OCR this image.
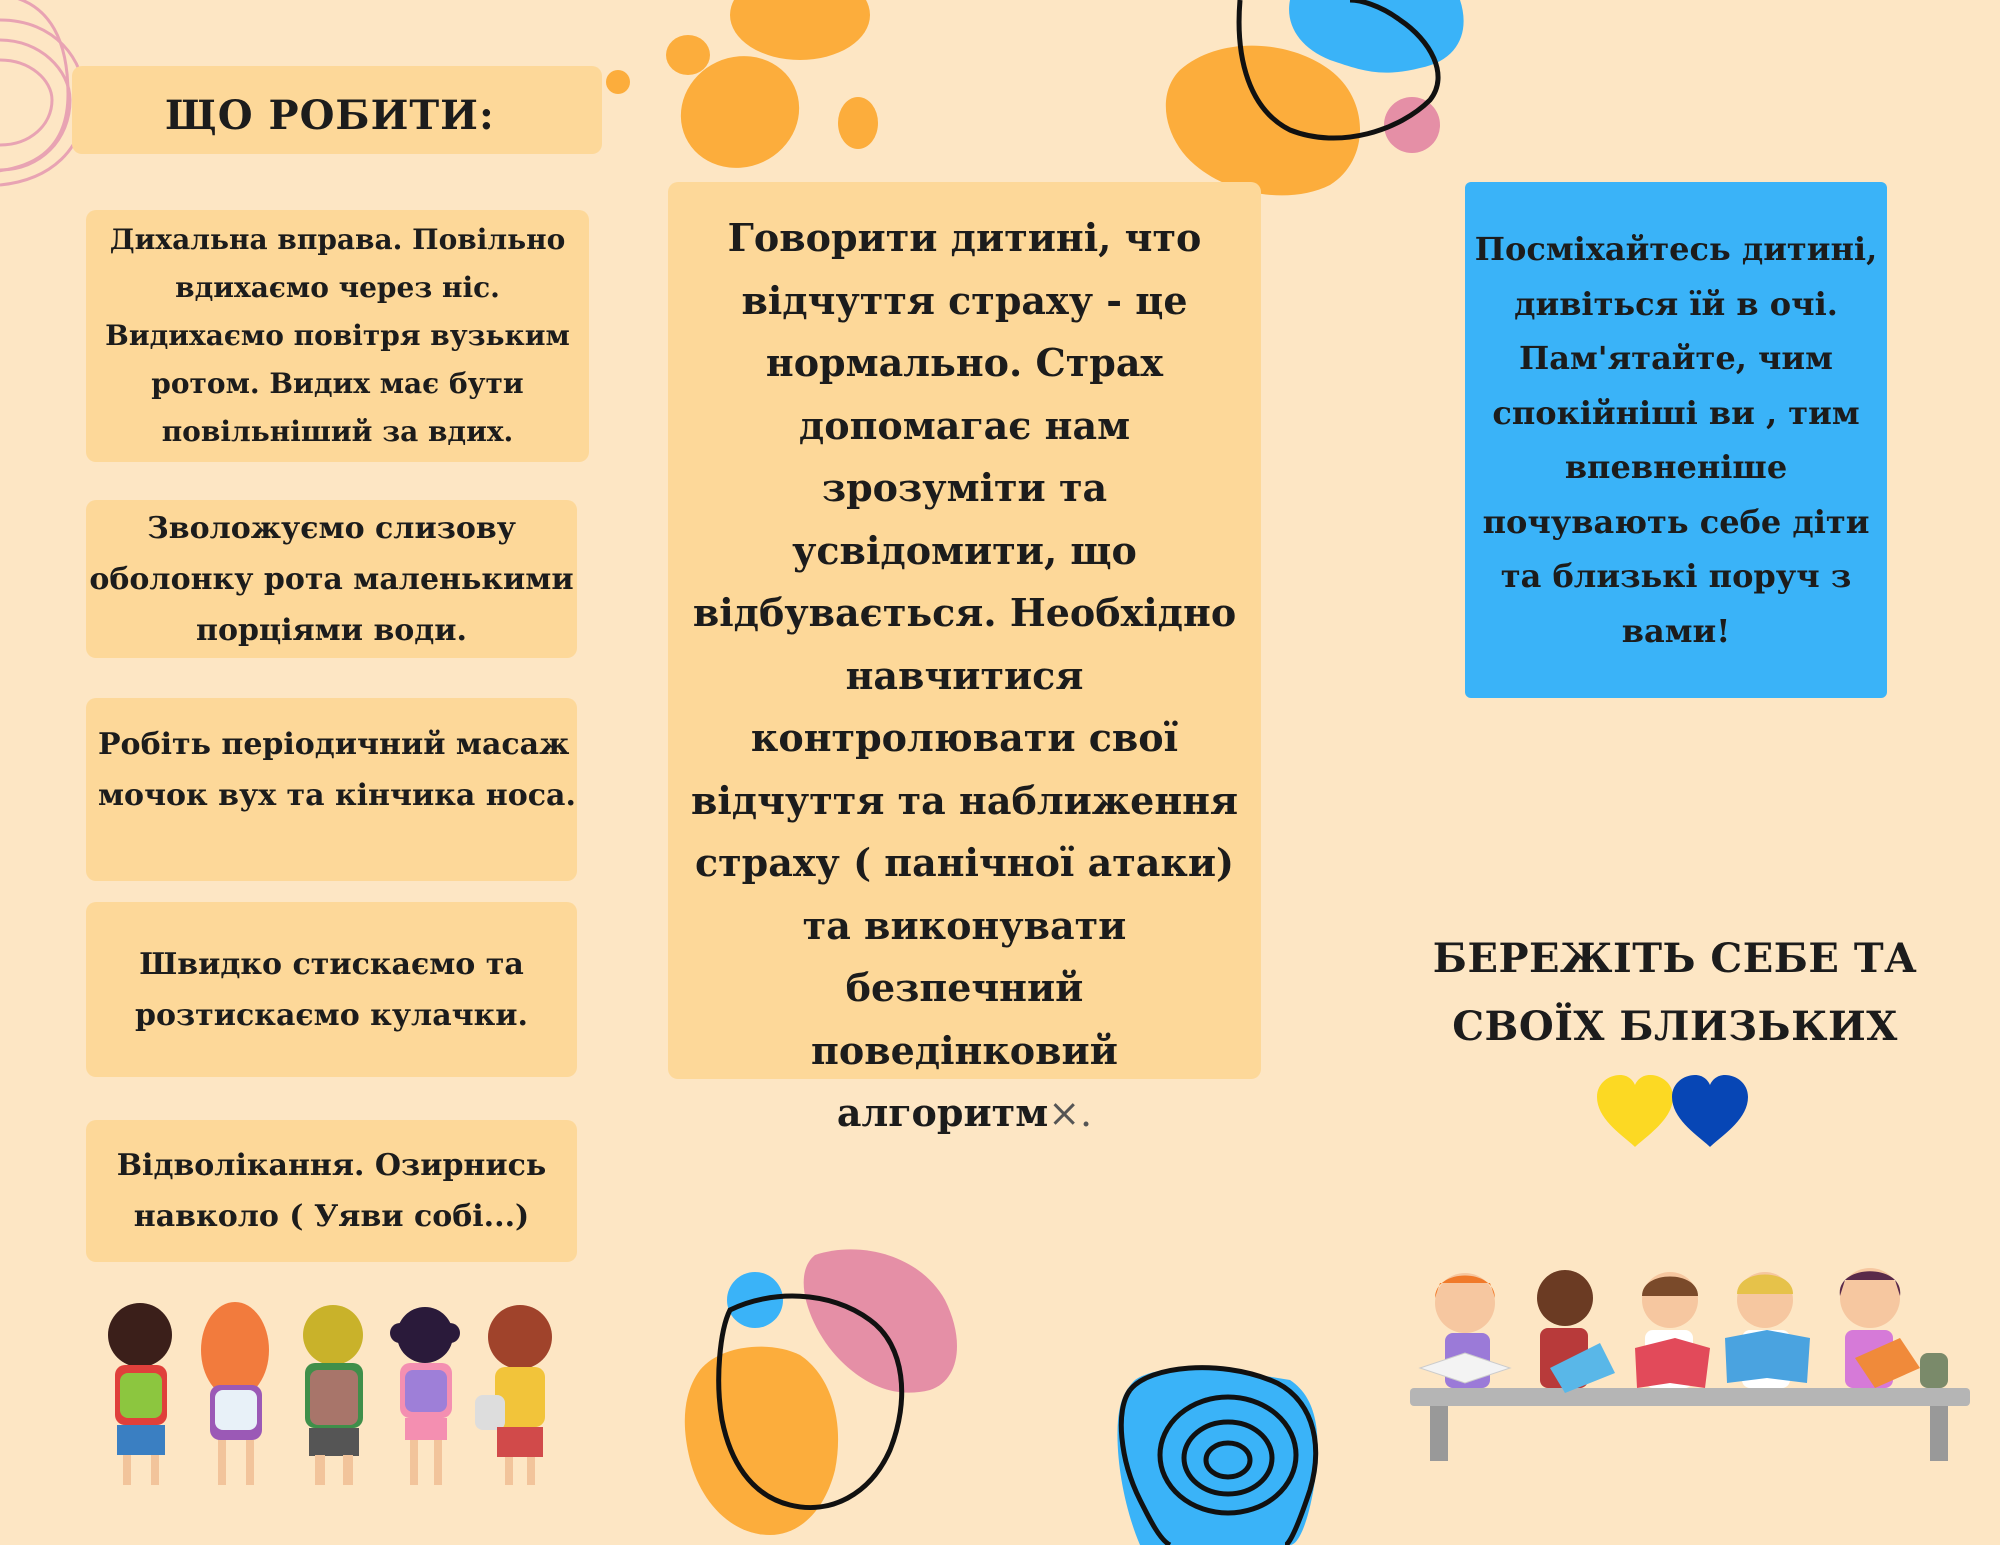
ЩО РОБИТИ:
Дихальна вправа. Повільно вдихаємо через ніс. Видихаємо повітря вузьким ротом. Видих має бути повільніший за вдих.
Зволожуємо слизову оболонку рота маленькими порціями води.
Робіть періодичний масаж мочок вух та кінчика носа.
Швидко стискаємо та розтискаємо кулачки.
Відволікання. Озирнись навколо ( Уяви собі...)
Говорити дитині, что відчуття страху - це нормально. Страх допомагає нам зрозуміти та усвідомити, що відбувається. Необхідно навчитися контролювати свої відчуття та наближення страху ( панічної атаки) та виконувати безпечний поведінковий алгоритм×.
Посміхайтесь дитині, дивіться їй в очі. Пам'ятайте, чим спокійніші ви , тим впевненіше почувають себе діти та близькі поруч з вами!
БЕРЕЖІТЬ СЕБЕ ТА СВОЇХ БЛИЗЬКИХ
